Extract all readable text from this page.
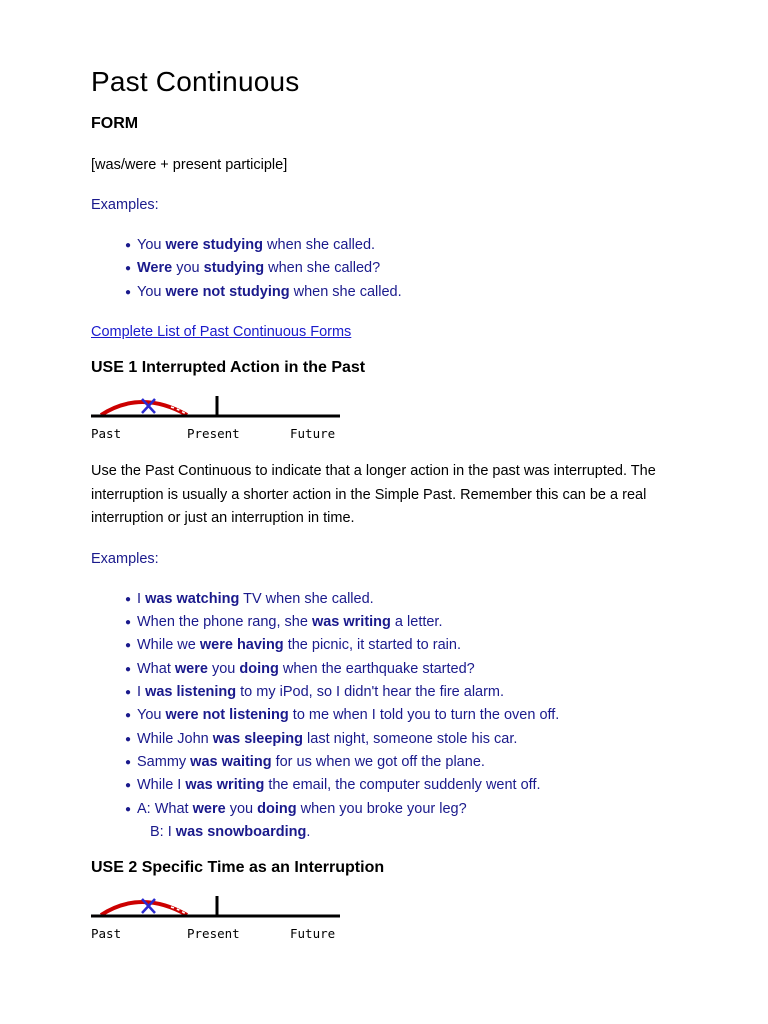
Past Continuous
FORM
[was/were + present participle]
Examples:
● You were studying when she called.
● Were you studying when she called?
● You were not studying when she called.
Complete List of Past Continuous Forms
USE 1 Interrupted Action in the Past
Past	Present	Future
Use the Past Continuous to indicate that a longer action in the past was interrupted. The interruption is usually a shorter action in the Simple Past. Remember this can be a real interruption or just an interruption in time.
Examples:
● I was watching TV when she called.
● When the phone rang, she was writing a letter.
● While we were having the picnic, it started to rain.
● What were you doing when the earthquake started?
● I was listening to my iPod, so I didn't hear the fire alarm.
● You were not listening to me when I told you to turn the oven off.
● While John was sleeping last night, someone stole his car.
● Sammy was waiting for us when we got off the plane.
● While I was writing the email, the computer suddenly went off.
● A: What were you doing when you broke your leg?
B: I was snowboarding.
USE 2 Specific Time as an Interruption
Past	Present	Future
